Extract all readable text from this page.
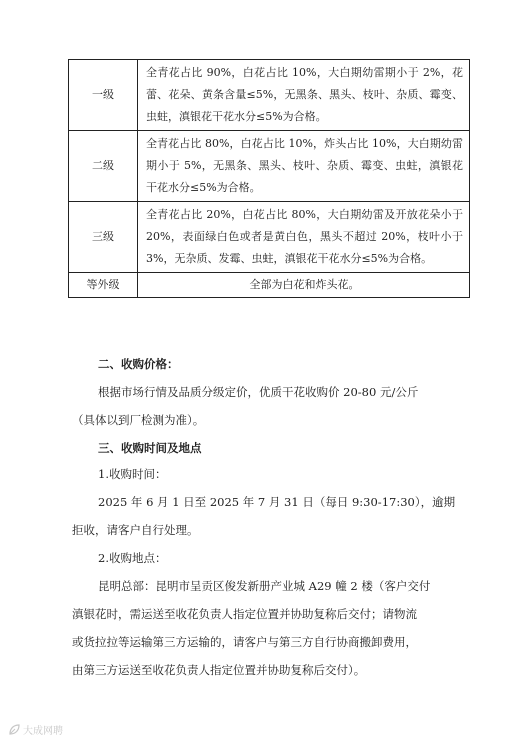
一级	全青花占比 90%，白花占比 10%，大白期幼雷期小于 2%，花蕾、花朵、黄条含量≤5%，无黑条、黑头、枝叶、杂质、霉变、虫蛀，滇银花干花水分≤5%为合格。
二级	全青花占比 80%，白花占比 10%，炸头占比 10%，大白期幼雷期小于 5%，无黑条、黑头、枝叶、杂质、霉变、虫蛀，滇银花干花水分≤5%为合格。
三级	全青花占比 20%，白花占比 80%，大白期幼雷及开放花朵小于 20%，表面绿白色或者是黄白色，黑头不超过 20%，枝叶小于 3%，无杂质、发霉、虫蛀，滇银花干花水分≤5%为合格。
等外级	全部为白花和炸头花。
二、收购价格：
根据市场行情及品质分级定价，优质干花收购价 20-80 元/公斤
（具体以到厂检测为准）。
三、收购时间及地点
1.收购时间：
2025 年 6 月 1 日至 2025 年 7 月 31 日（每日 9:30-17:30），逾期
拒收，请客户自行处理。
2.收购地点：
昆明总部：昆明市呈贡区俊发新册产业城 A29 幢 2 楼（客户交付
滇银花时，需运送至收花负责人指定位置并协助复称后交付；请物流
或货拉拉等运输第三方运输的，请客户与第三方自行协商搬卸费用，
由第三方运送至收花负责人指定位置并协助复称后交付）。
大成网聘
